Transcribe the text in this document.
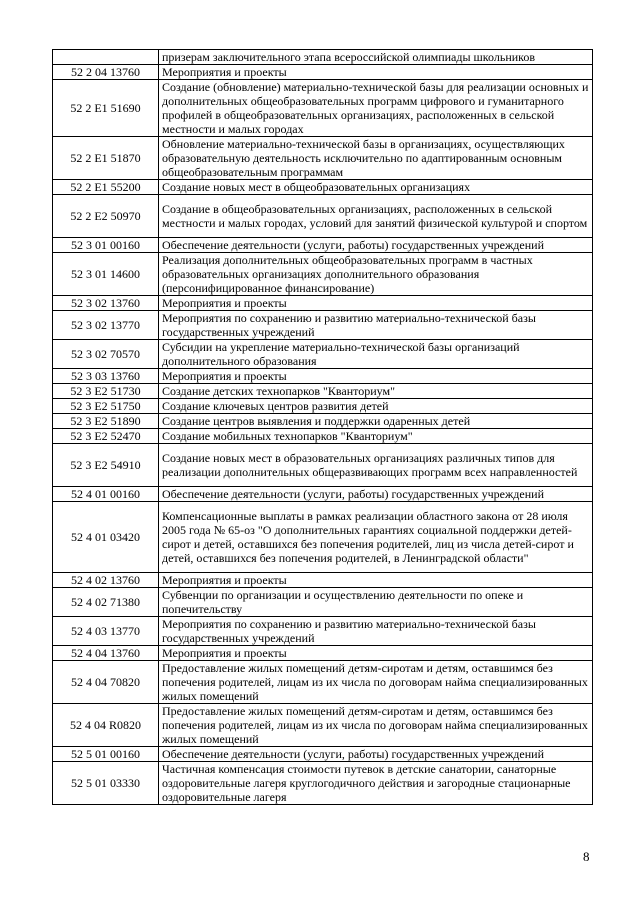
	призерам заключительного этапа всероссийской олимпиады школьников
52 2 04 13760	Мероприятия и проекты
52 2 Е1 51690	Создание (обновление) материально-технической базы для реализации основных и дополнительных общеобразовательных программ цифрового и гуманитарного профилей в общеобразовательных организациях, расположенных в сельской местности и малых городах
52 2 Е1 51870	Обновление материально-технической базы в организациях, осуществляющих образовательную деятельность исключительно по адаптированным основным общеобразовательным программам
52 2 Е1 55200	Создание новых мест в общеобразовательных организациях
52 2 Е2 50970	Создание в общеобразовательных организациях, расположенных в сельской местности и малых городах, условий для занятий физической культурой и спортом
52 3 01 00160	Обеспечение деятельности (услуги, работы) государственных учреждений
52 3 01 14600	Реализация дополнительных общеобразовательных программ в частных образовательных организациях дополнительного образования (персонифицированное финансирование)
52 3 02 13760	Мероприятия и проекты
52 3 02 13770	Мероприятия по сохранению и развитию материально-технической базы государственных учреждений
52 3 02 70570	Субсидии на укрепление материально-технической базы организаций дополнительного образования
52 3 03 13760	Мероприятия и проекты
52 3 Е2 51730	Создание детских технопарков "Кванториум"
52 3 Е2 51750	Создание ключевых центров развития детей
52 3 Е2 51890	Создание центров выявления и поддержки одаренных детей
52 3 Е2 52470	Создание мобильных технопарков "Кванториум"
52 3 Е2 54910	Создание новых мест в образовательных организациях различных типов для реализации дополнительных общеразвивающих программ всех направленностей
52 4 01 00160	Обеспечение деятельности (услуги, работы) государственных учреждений
52 4 01 03420	Компенсационные выплаты в рамках реализации областного закона от 28 июля 2005 года № 65-оз "О дополнительных гарантиях социальной поддержки детей-сирот и детей, оставшихся без попечения родителей, лиц из числа детей-сирот и детей, оставшихся без попечения родителей, в Ленинградской области"
52 4 02 13760	Мероприятия и проекты
52 4 02 71380	Субвенции по организации и осуществлению деятельности по опеке и попечительству
52 4 03 13770	Мероприятия по сохранению и развитию материально-технической базы государственных учреждений
52 4 04 13760	Мероприятия и проекты
52 4 04 70820	Предоставление жилых помещений детям-сиротам и детям, оставшимся без попечения родителей, лицам из их числа по договорам найма специализированных жилых помещений
52 4 04 R0820	Предоставление жилых помещений детям-сиротам и детям, оставшимся без попечения родителей, лицам из их числа по договорам найма специализированных жилых помещений
52 5 01 00160	Обеспечение деятельности (услуги, работы) государственных учреждений
52 5 01 03330	Частичная компенсация стоимости путевок в детские санатории, санаторные оздоровительные лагеря круглогодичного действия и загородные стационарные оздоровительные лагеря
8
